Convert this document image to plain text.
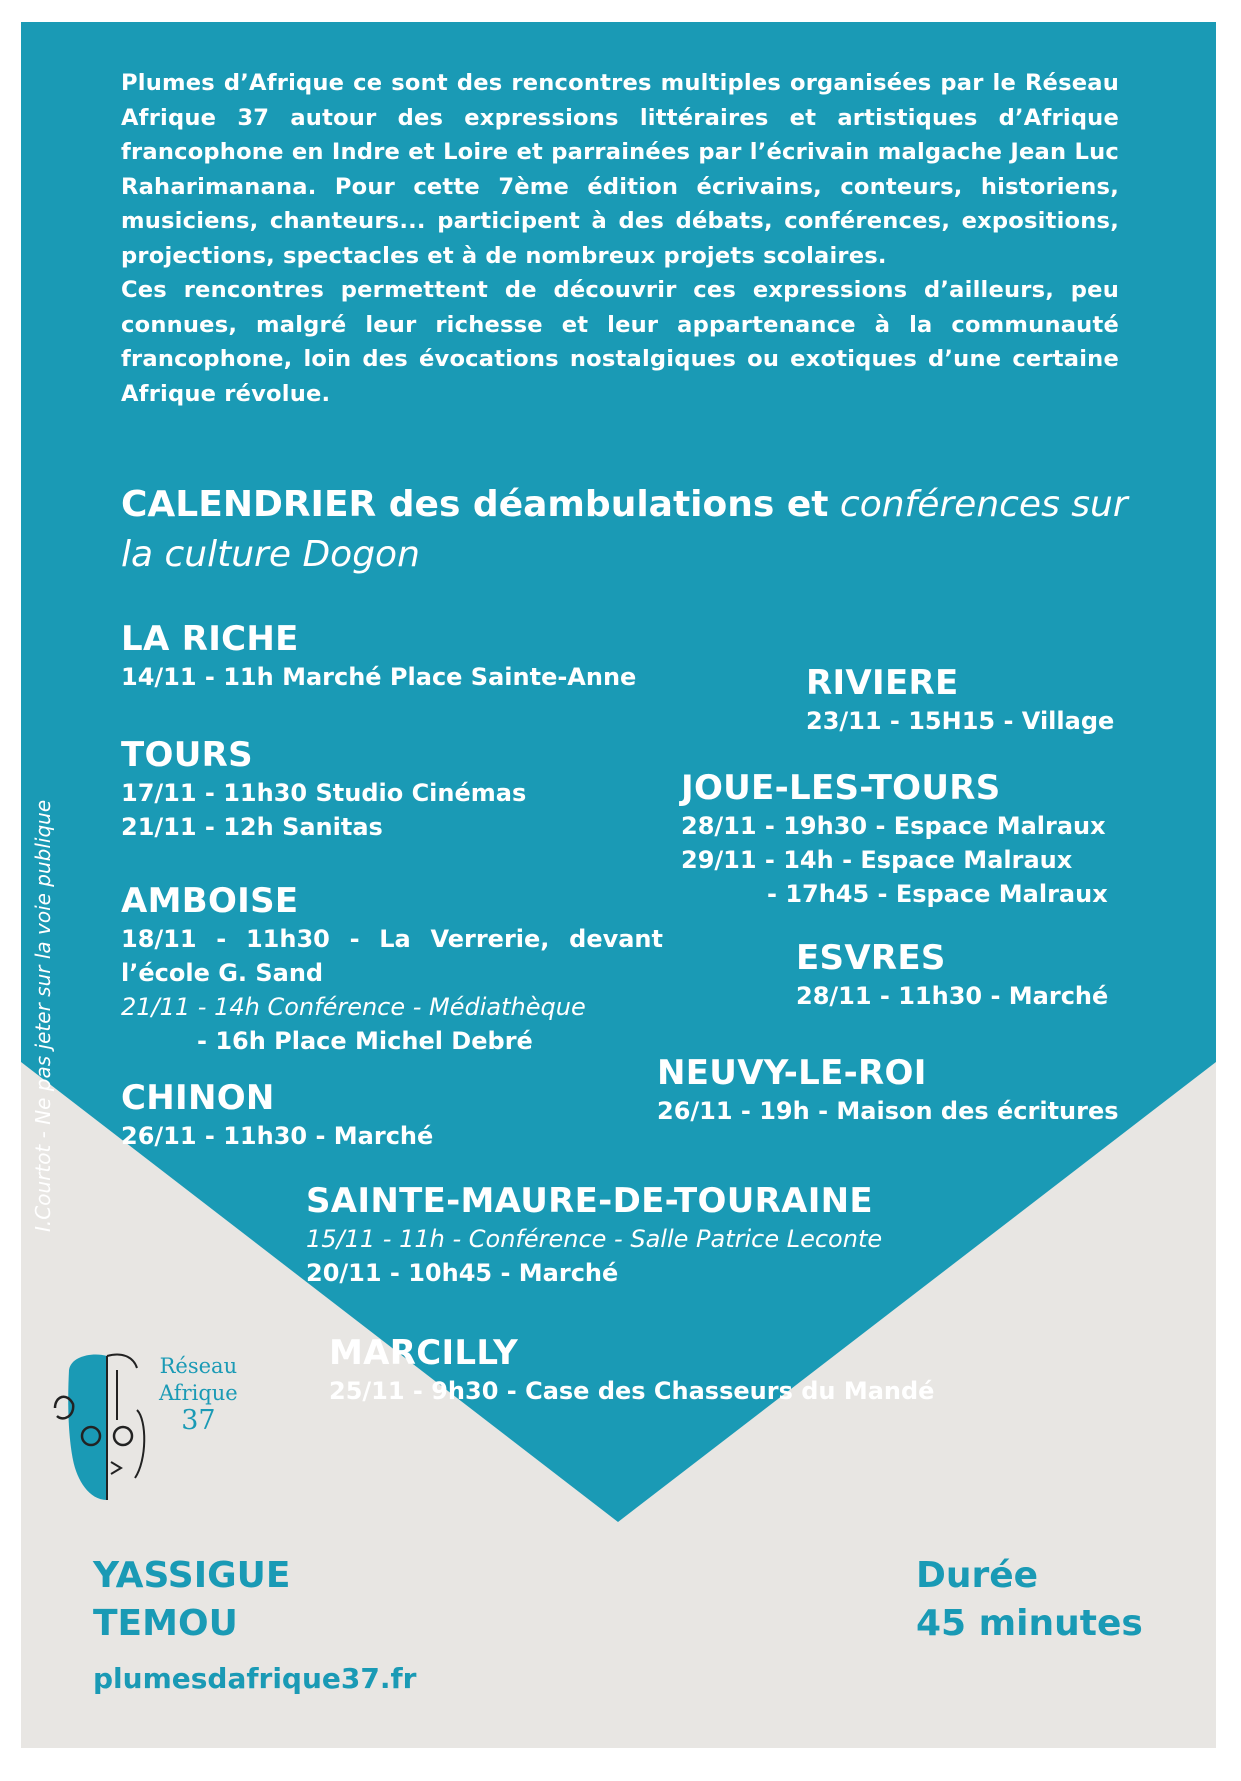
Plumes d’Afrique ce sont des rencontres multiples organisées par le Réseau Afrique 37 autour des expressions littéraires et artistiques d’Afrique francophone en Indre et Loire et parrainées par l’écrivain malgache Jean Luc Raharimanana. Pour cette 7ème édition écrivains, conteurs, historiens, musiciens, chanteurs... participent à des débats, conférences, expositions, projections, spectacles et à de nombreux projets scolaires.

Ces rencontres permettent de découvrir ces expressions d’ailleurs, peu connues, malgré leur richesse et leur appartenance à la communauté francophone, loin des évocations nostalgiques ou exotiques d’une certaine Afrique révolue.

CALENDRIER des déambulations et conférences sur la culture Dogon
LA RICHE
14/11 - 11h Marché Place Sainte-Anne
TOURS
17/11 - 11h30 Studio Cinémas
21/11 - 12h Sanitas
AMBOISE
18/11 - 11h30 - La Verrerie, devant l’école G. Sand
21/11 - 14h Conférence - Médiathèque
- 16h Place Michel Debré
CHINON
26/11 - 11h30 - Marché
RIVIERE
23/11 - 15H15 - Village
JOUE-LES-TOURS
28/11 - 19h30 - Espace Malraux
29/11 - 14h - Espace Malraux
- 17h45 - Espace Malraux
ESVRES
28/11 - 11h30 - Marché
NEUVY-LE-ROI
26/11 - 19h - Maison des écritures
SAINTE-MAURE-DE-TOURAINE
15/11 - 11h - Conférence - Salle Patrice Leconte
20/11 - 10h45 - Marché
MARCILLY
25/11 - 9h30 - Case des Chasseurs du Mandé
I.Courtot - Ne pas jeter sur la voie publique
Réseau
Afrique
37
YASSIGUE
TEMOU
plumesdafrique37.fr
Durée
45 minutes
